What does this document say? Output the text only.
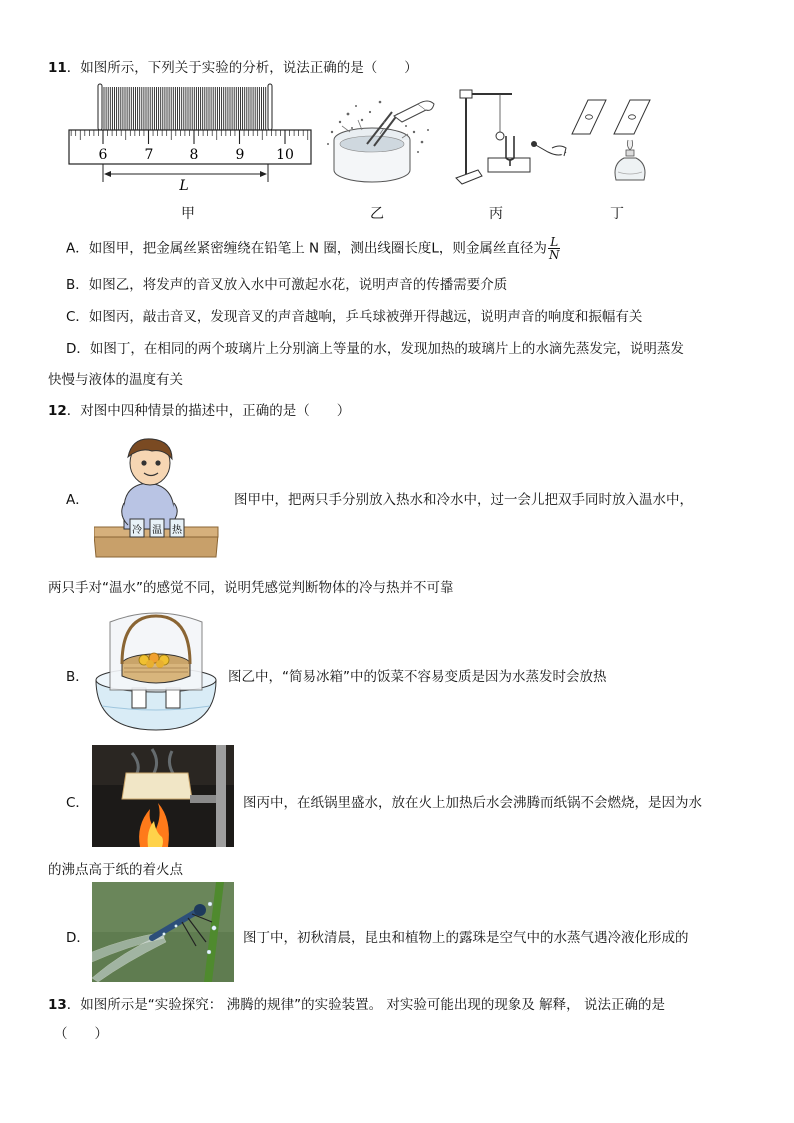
11．如图所示，下列关于实验的分析，说法正确的是（　　）
6	7	8	9 10
L
甲	乙	丙	丁
A．如图甲，把金属丝紧密缠绕在铅笔上 N 圈，测出线圈长度L，则金属丝直径为 $\frac{L}{N}$
B．如图乙，将发声的音叉放入水中可激起水花，说明声音的传播需要介质
C．如图丙，敲击音叉，发现音叉的声音越响，乒乓球被弹开得越远，说明声音的响度和振幅有关
D．如图丁，在相同的两个玻璃片上分别滴上等量的水，发现加热的玻璃片上的水滴先蒸发完，说明蒸发
快慢与液体的温度有关
12．对图中四种情景的描述中，正确的是（　　）
A．
冷 温 热
图甲中，把两只手分别放入热水和冷水中，过一会儿把双手同时放入温水中，
两只手对“温水”的感觉不同，说明凭感觉判断物体的冷与热并不可靠
B．	图乙中，“简易冰箱”中的饭菜不容易变质是因为水蒸发时会放热
C．	图丙中，在纸锅里盛水，放在火上加热后水会沸腾而纸锅不会燃烧，是因为水
的沸点高于纸的着火点
D．	图丁中，初秋清晨，昆虫和植物上的露珠是空气中的水蒸气遇冷液化形成的
13．如图所示是“实验探究： 沸腾的规律”的实验装置。 对实验可能出现的现象及 解释， 说法正确的是
（　　）
